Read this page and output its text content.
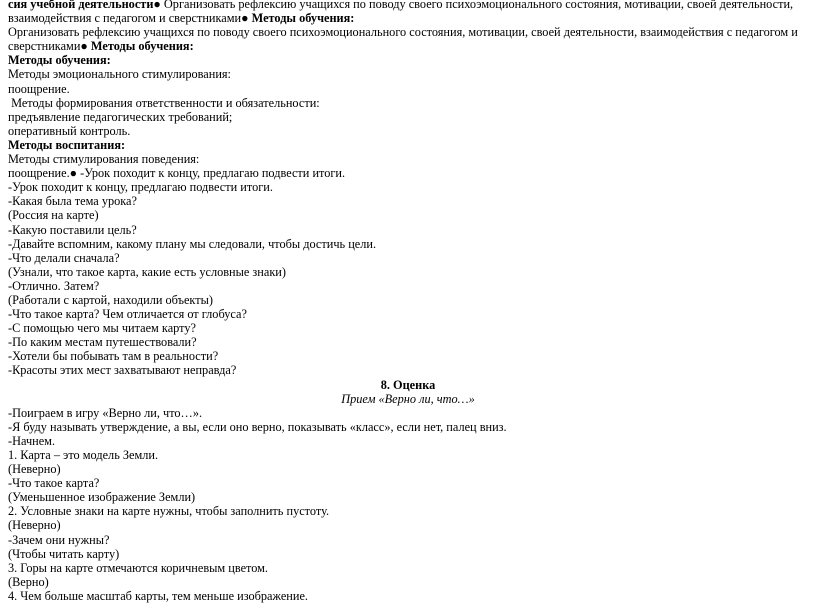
сия учебной деятельности● Организовать рефлексию учащихся по поводу своего психоэмоционального состояния, мотивации, своей деятельности, взаимодействия с педагогом и сверстниками● Методы обучения:
Организовать рефлексию учащихся по поводу своего психоэмоционального состояния, мотивации, своей деятельности, взаимодействия с педагогом и сверстниками● Методы обучения:
Методы обучения:
Методы эмоционального стимулирования:
поощрение.
Методы формирования ответственности и обязательности:
предъявление педагогических требований;
оперативный контроль.
Методы воспитания:
Методы стимулирования поведения:
поощрение.● -Урок походит к концу, предлагаю подвести итоги.
-Урок походит к концу, предлагаю подвести итоги.
-Какая была тема урока?
(Россия на карте)
-Какую поставили цель?
-Давайте вспомним, какому плану мы следовали, чтобы достичь цели.
-Что делали сначала?
(Узнали, что такое карта, какие есть условные знаки)
-Отлично. Затем?
(Работали с картой, находили объекты)
-Что такое карта? Чем отличается от глобуса?
-С помощью чего мы читаем карту?
-По каким местам путешествовали?
-Хотели бы побывать там в реальности?
-Красоты этих мест захватывают неправда?
8. Оценка
Прием «Верно ли, что…»
-Поиграем в игру «Верно ли, что…».
-Я буду называть утверждение, а вы, если оно верно, показывать «класс», если нет, палец вниз.
-Начнем.
1. Карта – это модель Земли.
(Неверно)
-Что такое карта?
(Уменьшенное изображение Земли)
2. Условные знаки на карте нужны, чтобы заполнить пустоту.
(Неверно)
-Зачем они нужны?
(Чтобы читать карту)
3. Горы на карте отмечаются коричневым цветом.
(Верно)
4. Чем больше масштаб карты, тем меньше изображение.
